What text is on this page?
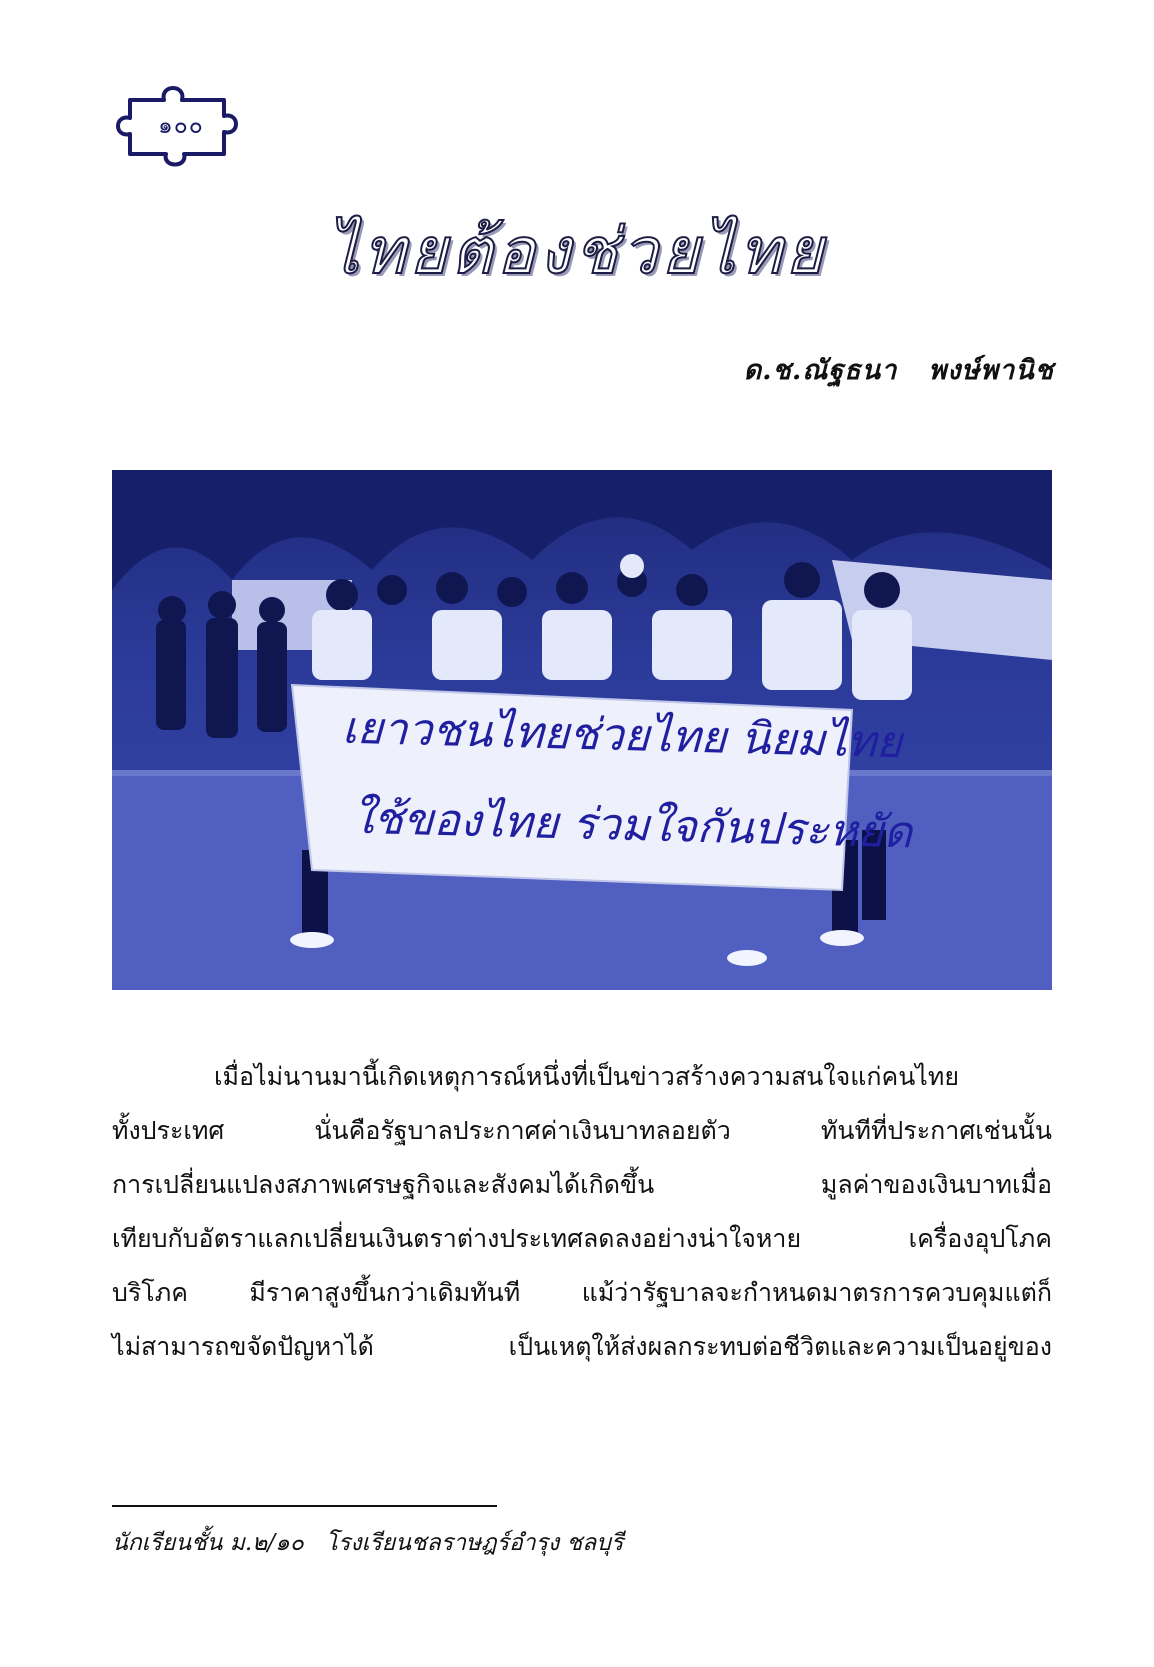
๑๐๐
ไทยต้องช่วยไทย
ด.ช.ณัฐธนา   พงษ์พานิช
เยาวชนไทยช่วยไทย นิยมไทย
ใช้ของไทย ร่วมใจกันประหยัด
เมื่อไม่นานมานี้เกิดเหตุการณ์หนึ่งที่เป็นข่าวสร้างความสนใจแก่คนไทย
ทั้งประเทศ นั่นคือรัฐบาลประกาศค่าเงินบาทลอยตัว ทันทีที่ประกาศเช่นนั้น
การเปลี่ยนแปลงสภาพเศรษฐกิจและสังคมได้เกิดขึ้น มูลค่าของเงินบาทเมื่อ
เทียบกับอัตราแลกเปลี่ยนเงินตราต่างประเทศลดลงอย่างน่าใจหาย เครื่องอุปโภค
บริโภค มีราคาสูงขึ้นกว่าเดิมทันที แม้ว่ารัฐบาลจะกำหนดมาตรการควบคุมแต่ก็
ไม่สามารถขจัดปัญหาได้ เป็นเหตุให้ส่งผลกระทบต่อชีวิตและความเป็นอยู่ของ
นักเรียนชั้น ม.๒/๑๐   โรงเรียนชลราษฎร์อำรุง ชลบุรี
